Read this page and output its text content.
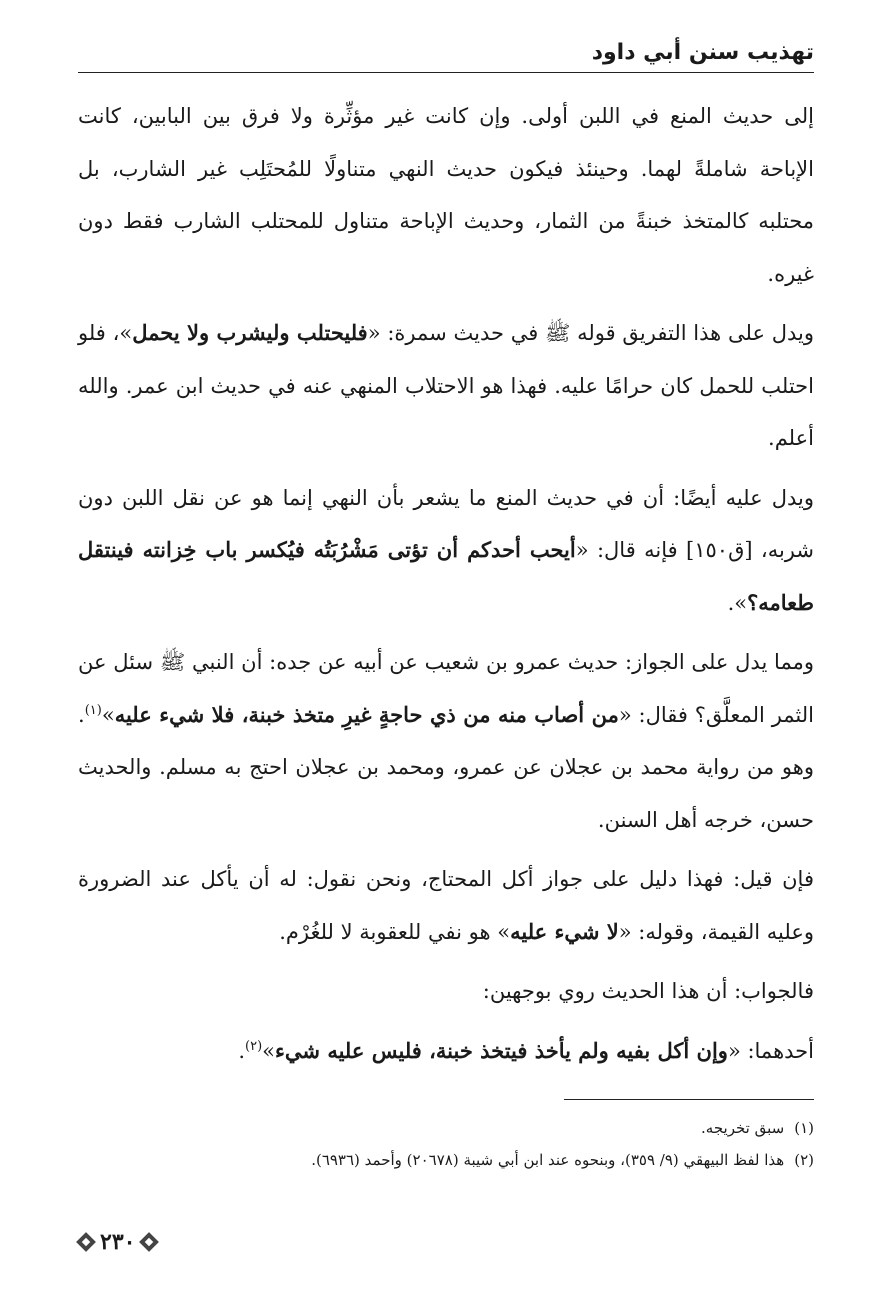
تهذيب سنن أبي داود

إلى حديث المنع في اللبن أولى. وإن كانت غير مؤثِّرة ولا فرق بين البابين، كانت الإباحة شاملةً لهما. وحينئذ فيكون حديث النهي متناولًا للمُحتَلِب غير الشارب، بل محتلبه كالمتخذ خبنةً من الثمار، وحديث الإباحة متناول للمحتلب الشارب فقط دون غيره.

ويدل على هذا التفريق قوله ﷺ في حديث سمرة: «فليحتلب وليشرب ولا يحمل»، فلو احتلب للحمل كان حرامًا عليه. فهذا هو الاحتلاب المنهي عنه في حديث ابن عمر. والله أعلم.

ويدل عليه أيضًا: أن في حديث المنع ما يشعر بأن النهي إنما هو عن نقل اللبن دون شربه، [ق١٥٠] فإنه قال: «أيحب أحدكم أن تؤتى مَشْرُبَتُه فيُكسر باب خِزانته فينتقل طعامه؟».

ومما يدل على الجواز: حديث عمرو بن شعيب عن أبيه عن جده: أن النبي ﷺ سئل عن الثمر المعلَّق؟ فقال: «من أصاب منه من ذي حاجةٍ غيرِ متخذ خبنة، فلا شيء عليه»$^{(١)}$. وهو من رواية محمد بن عجلان عن عمرو، ومحمد بن عجلان احتج به مسلم. والحديث حسن، خرجه أهل السنن.

فإن قيل: فهذا دليل على جواز أكل المحتاج، ونحن نقول: له أن يأكل عند الضرورة وعليه القيمة، وقوله: «لا شيء عليه» هو نفي للعقوبة لا للغُرْم.

فالجواب: أن هذا الحديث روي بوجهين:

أحدهما: «وإن أكل بفيه ولم يأخذ فيتخذ خبنة، فليس عليه شيء»$^{(٢)}$.

(١)سبق تخريجه.
(٢)هذا لفظ البيهقي (٩/ ٣٥٩)، وبنحوه عند ابن أبي شيبة (٢٠٦٧٨) وأحمد (٦٩٣٦).
٢٣٠
